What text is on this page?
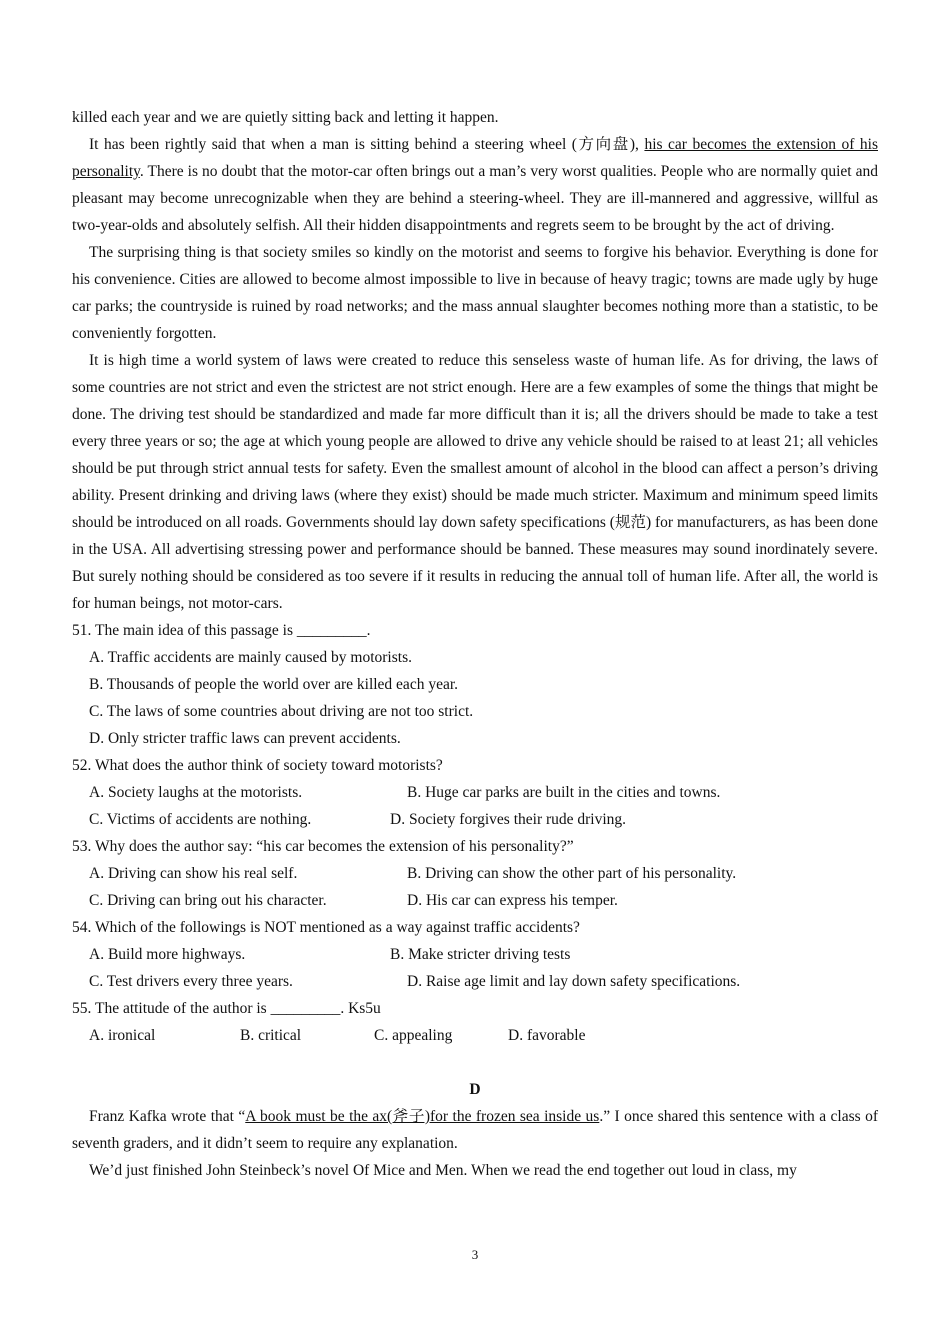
killed each year and we are quietly sitting back and letting it happen.

It has been rightly said that when a man is sitting behind a steering wheel (方向盘), his car becomes the extension of his personality. There is no doubt that the motor-car often brings out a man’s very worst qualities. People who are normally quiet and pleasant may become unrecognizable when they are behind a steering-wheel. They are ill-mannered and aggressive, willful as two-year-olds and absolutely selfish. All their hidden disappointments and regrets seem to be brought by the act of driving.

The surprising thing is that society smiles so kindly on the motorist and seems to forgive his behavior. Everything is done for his convenience. Cities are allowed to become almost impossible to live in because of heavy tragic; towns are made ugly by huge car parks; the countryside is ruined by road networks; and the mass annual slaughter becomes nothing more than a statistic, to be conveniently forgotten.

It is high time a world system of laws were created to reduce this senseless waste of human life. As for driving, the laws of some countries are not strict and even the strictest are not strict enough. Here are a few examples of some the things that might be done. The driving test should be standardized and made far more difficult than it is; all the drivers should be made to take a test every three years or so; the age at which young people are allowed to drive any vehicle should be raised to at least 21; all vehicles should be put through strict annual tests for safety. Even the smallest amount of alcohol in the blood can affect a person’s driving ability. Present drinking and driving laws (where they exist) should be made much stricter. Maximum and minimum speed limits should be introduced on all roads. Governments should lay down safety specifications (规范) for manufacturers, as has been done in the USA. All advertising stressing power and performance should be banned. These measures may sound inordinately severe. But surely nothing should be considered as too severe if it results in reducing the annual toll of human life. After all, the world is for human beings, not motor-cars.

51. The main idea of this passage is _________.

A. Traffic accidents are mainly caused by motorists.

B. Thousands of people the world over are killed each year.

C. The laws of some countries about driving are not too strict.

D. Only stricter traffic laws can prevent accidents.

52. What does the author think of society toward motorists?

A. Society laughs at the motorists.	B. Huge car parks are built in the cities and towns.

C. Victims of accidents are nothing.	D. Society forgives their rude driving.

53. Why does the author say: “his car becomes the extension of his personality?”

A. Driving can show his real self.	B. Driving can show the other part of his personality.

C. Driving can bring out his character.	D. His car can express his temper.

54. Which of the followings is NOT mentioned as a way against traffic accidents?

A. Build more highways.	B. Make stricter driving tests

C. Test drivers every three years.	D. Raise age limit and lay down safety specifications.

55. The attitude of the author is _________. Ks5u

A. ironical	B. critical	C. appealing	D. favorable

D

Franz Kafka wrote that “A book must be the ax(斧子)for the frozen sea inside us.” I once shared this sentence with a class of seventh graders, and it didn’t seem to require any explanation.

We’d just finished John Steinbeck’s novel Of Mice and Men. When we read the end together out loud in class, my

3
